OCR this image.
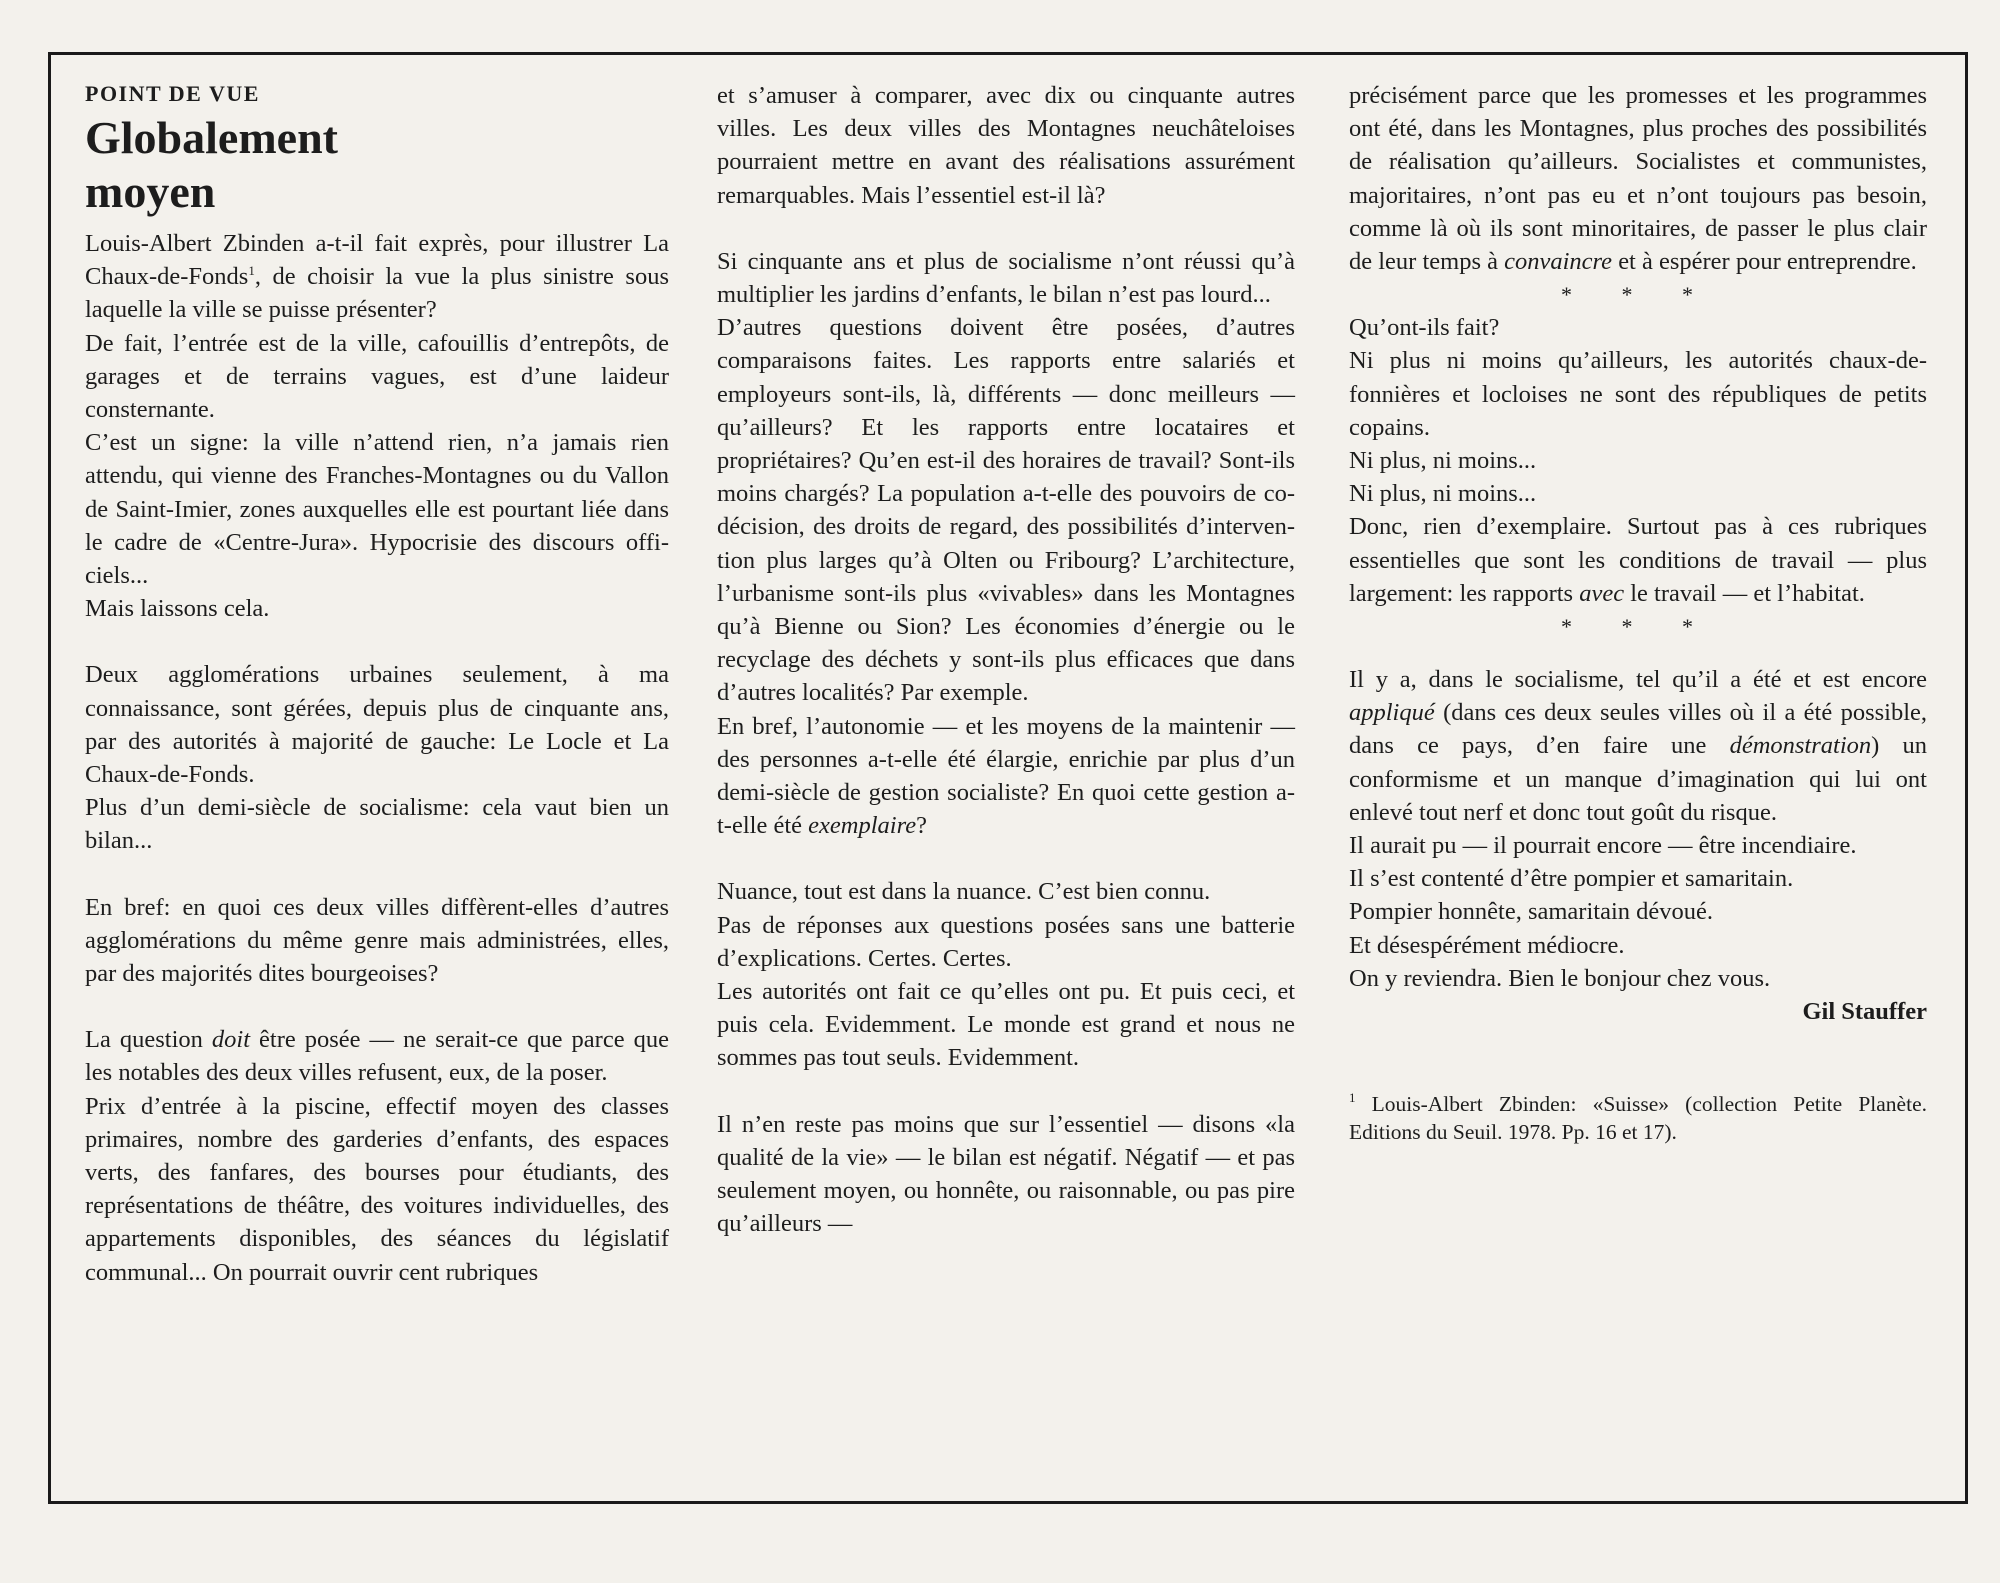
POINT DE VUE
Globalement
moyen

Louis-Albert Zbinden a-t-il fait exprès, pour illustrer La Chaux-de-Fonds$^1$, de choisir la vue la plus sinistre sous laquelle la ville se puisse présenter?

De fait, l’entrée est de la ville, cafouillis d’entrepôts, de garages et de terrains vagues, est d’une laideur consternante.

C’est un signe: la ville n’attend rien, n’a jamais rien attendu, qui vienne des Franches-Montagnes ou du Vallon de Saint-Imier, zones auxquelles elle est pourtant liée dans le cadre de «Centre-Jura». Hypocrisie des discours officiels...

Mais laissons cela.

Deux agglomérations urbaines seulement, à ma connaissance, sont gérées, depuis plus de cinquante ans, par des autorités à majorité de gauche: Le Locle et La Chaux-de-Fonds.

Plus d’un demi-siècle de socialisme: cela vaut bien un bilan...

En bref: en quoi ces deux villes diffèrent-elles d’autres agglomérations du même genre mais administrées, elles, par des majorités dites bourgeoises?

La question doit être posée — ne serait-ce que parce que les notables des deux villes refusent, eux, de la poser.

Prix d’entrée à la piscine, effectif moyen des classes primaires, nombre des garderies d’enfants, des espaces verts, des fanfares, des bourses pour étudiants, des représentations de théâtre, des voitures individuelles, des appartements disponibles, des séances du législatif communal... On pourrait ouvrir cent rubriques

et s’amuser à comparer, avec dix ou cinquante autres villes. Les deux villes des Montagnes neuchâteloises pourraient mettre en avant des réalisations assurément remarquables. Mais l’essentiel est-il là?

Si cinquante ans et plus de socialisme n’ont réussi qu’à multiplier les jardins d’enfants, le bilan n’est pas lourd...

D’autres questions doivent être posées, d’autres comparaisons faites. Les rapports entre salariés et employeurs sont-ils, là, différents — donc meilleurs — qu’ailleurs? Et les rapports entre locataires et propriétaires? Qu’en est-il des horaires de travail? Sont-ils moins chargés? La population a-t-elle des pouvoirs de co-décision, des droits de regard, des possibilités d’intervention plus larges qu’à Olten ou Fribourg? L’architecture, l’urbanisme sont-ils plus «vivables» dans les Montagnes qu’à Bienne ou Sion? Les économies d’énergie ou le recyclage des déchets y sont-ils plus efficaces que dans d’autres localités? Par exemple.

En bref, l’autonomie — et les moyens de la maintenir — des personnes a-t-elle été élargie, enrichie par plus d’un demi-siècle de gestion socialiste? En quoi cette gestion a-t-elle été exemplaire?

Nuance, tout est dans la nuance. C’est bien connu.

Pas de réponses aux questions posées sans une batterie d’explications. Certes. Certes.

Les autorités ont fait ce qu’elles ont pu. Et puis ceci, et puis cela. Evidemment. Le monde est grand et nous ne sommes pas tout seuls. Evidemment.

Il n’en reste pas moins que sur l’essentiel — disons «la qualité de la vie» — le bilan est négatif. Négatif — et pas seulement moyen, ou honnête, ou raisonnable, ou pas pire qu’ailleurs —

précisément parce que les promesses et les programmes ont été, dans les Montagnes, plus proches des possibilités de réalisation qu’ailleurs. Socialistes et communistes, majoritaires, n’ont pas eu et n’ont toujours pas besoin, comme là où ils sont minoritaires, de passer le plus clair de leur temps à convaincre et à espérer pour entreprendre.

* * *

Qu’ont-ils fait?

Ni plus ni moins qu’ailleurs, les autorités chaux-de-fonnières et locloises ne sont des républiques de petits copains.

Ni plus, ni moins...

Ni plus, ni moins...

Donc, rien d’exemplaire. Surtout pas à ces rubriques essentielles que sont les conditions de travail — plus largement: les rapports avec le travail — et l’habitat.

* * *

Il y a, dans le socialisme, tel qu’il a été et est encore appliqué (dans ces deux seules villes où il a été possible, dans ce pays, d’en faire une démonstration) un conformisme et un manque d’imagination qui lui ont enlevé tout nerf et donc tout goût du risque.

Il aurait pu — il pourrait encore — être incendiaire.

Il s’est contenté d’être pompier et samaritain.

Pompier honnête, samaritain dévoué.

Et désespérément médiocre.

On y reviendra. Bien le bonjour chez vous.

Gil Stauffer

$^1$ Louis-Albert Zbinden: «Suisse» (collection Petite Planète. Editions du Seuil. 1978. Pp. 16 et 17).
